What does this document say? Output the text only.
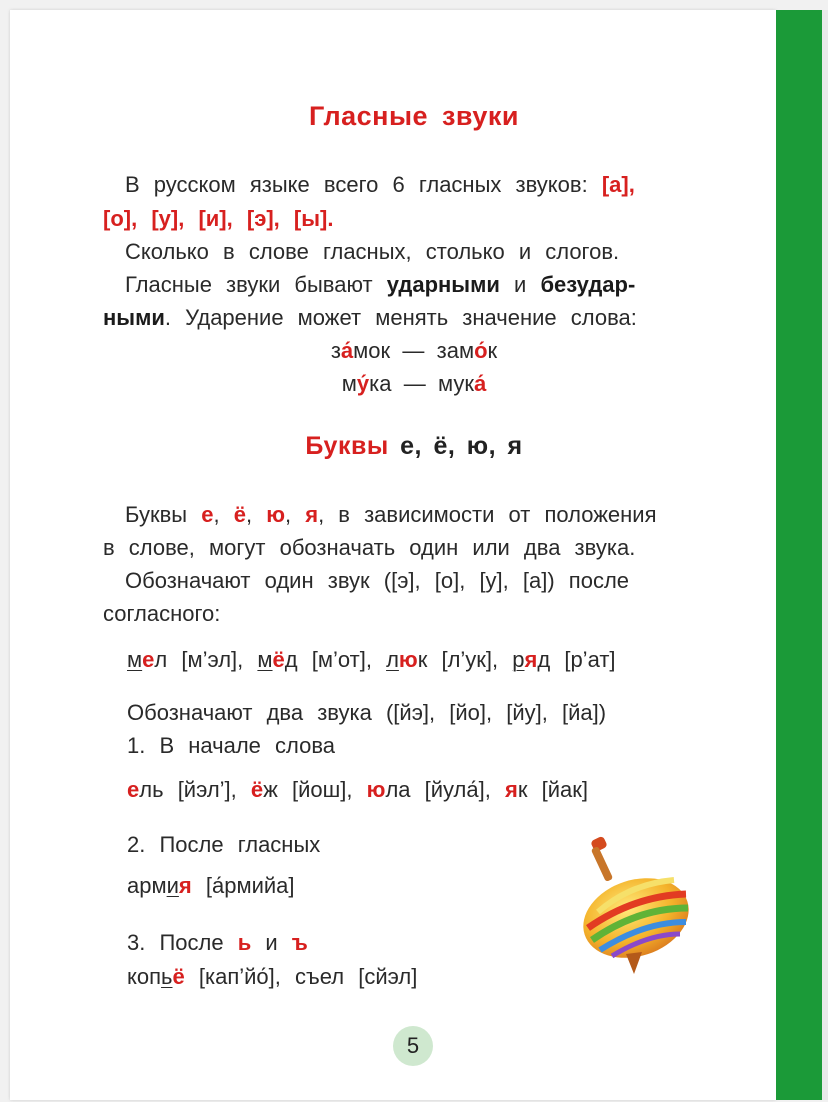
Гласные звуки
В русском языке всего 6 гласных звуков: [а],
[о], [у], [и], [э], [ы].
Сколько в слове гласных, столько и слогов.
Гласные звуки бывают ударными и безудар-
ными. Ударение может менять значение слова:
за́мок — замо́к
му́ка — мука́
Буквы е, ё, ю, я
Буквы е, ё, ю, я, в зависимости от положения
в слове, могут обозначать один или два звука.
Обозначают один звук ([э], [о], [у], [а]) после
согласного:
мел [м’эл], мёд [м’от], люк [л’ук], ряд [р’ат]
Обозначают два звука ([йэ], [йо], [йу], [йа])
1. В начале слова
ель [йэл’], ёж [йош], юла [йула́], як [йак]
2. После гласных
армия [а́рмийа]
3. После ь и ъ
копьё [кап’йо́], съел [сйэл]
5
